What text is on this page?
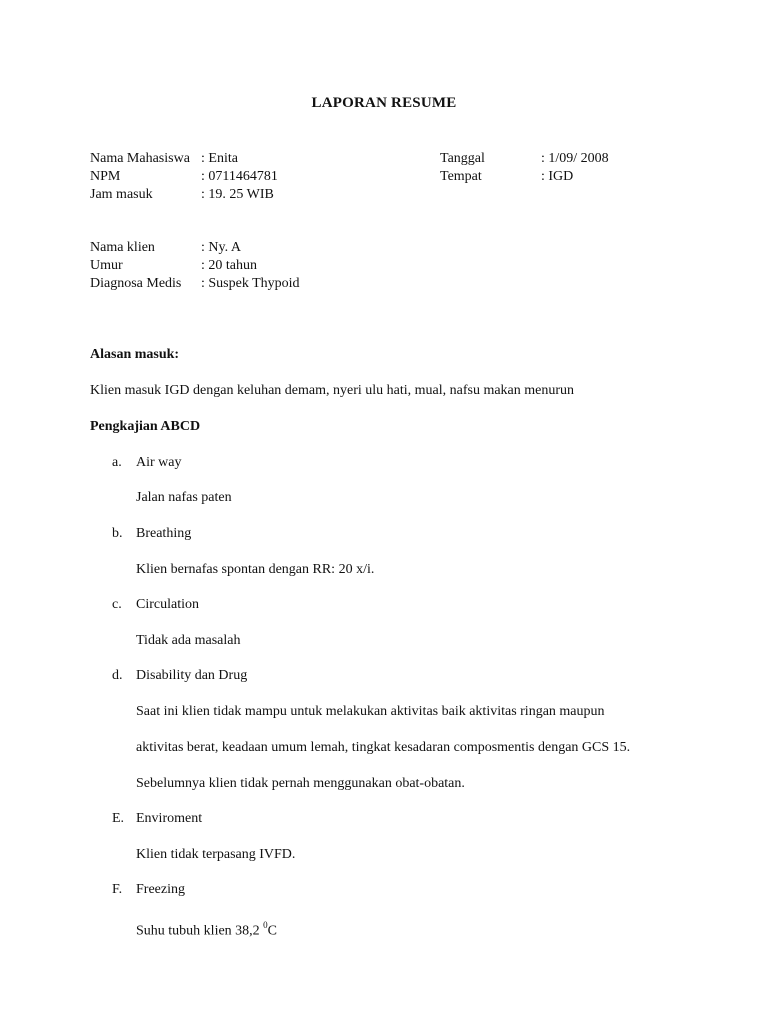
LAPORAN RESUME
Nama Mahasiswa : Enita
NPM	: 0711464781
Jam masuk	: 19. 25 WIB
Tanggal	: 1/09/ 2008
Tempat	: IGD
Nama klien	: Ny. A
Umur	: 20 tahun
Diagnosa Medis : Suspek Thypoid
Alasan masuk:
Klien masuk IGD dengan keluhan demam, nyeri ulu hati, mual, nafsu makan menurun
Pengkajian ABCD
a. Air way
Jalan nafas paten
b. Breathing
Klien bernafas spontan dengan RR: 20 x/i.
c. Circulation
Tidak ada masalah
d. Disability dan Drug
Saat ini klien tidak mampu untuk melakukan aktivitas baik aktivitas ringan maupun
aktivitas berat, keadaan umum lemah, tingkat kesadaran composmentis dengan GCS 15.
Sebelumnya klien tidak pernah menggunakan obat-obatan.
E. Enviroment
Klien tidak terpasang IVFD.
F. Freezing
Suhu tubuh klien 38,2 $^0$C
